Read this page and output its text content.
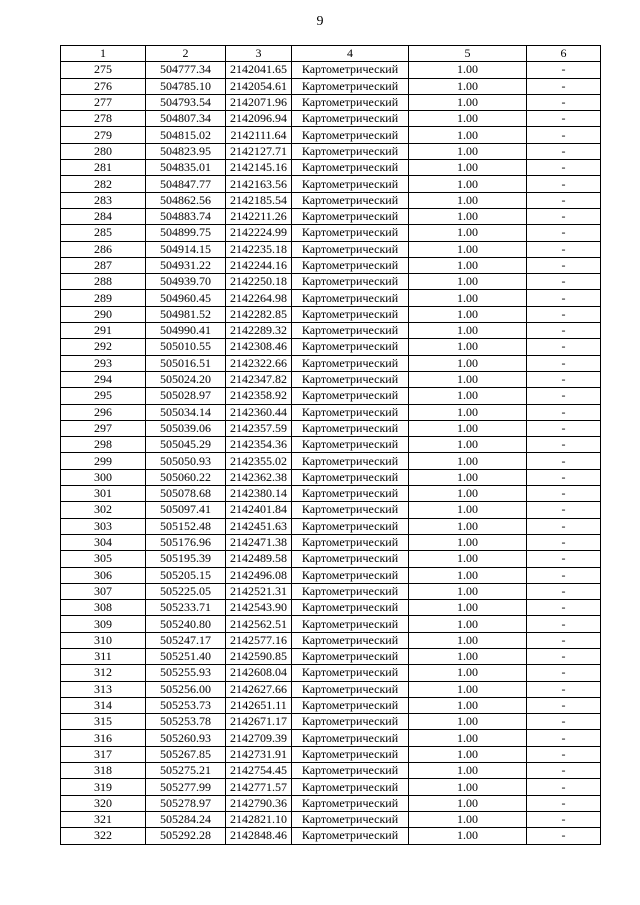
9
1	2	3	4	5	6
275	504777.34	2142041.65	Картометрический	1.00	-
276	504785.10	2142054.61	Картометрический	1.00	-
277	504793.54	2142071.96	Картометрический	1.00	-
278	504807.34	2142096.94	Картометрический	1.00	-
279	504815.02	2142111.64	Картометрический	1.00	-
280	504823.95	2142127.71	Картометрический	1.00	-
281	504835.01	2142145.16	Картометрический	1.00	-
282	504847.77	2142163.56	Картометрический	1.00	-
283	504862.56	2142185.54	Картометрический	1.00	-
284	504883.74	2142211.26	Картометрический	1.00	-
285	504899.75	2142224.99	Картометрический	1.00	-
286	504914.15	2142235.18	Картометрический	1.00	-
287	504931.22	2142244.16	Картометрический	1.00	-
288	504939.70	2142250.18	Картометрический	1.00	-
289	504960.45	2142264.98	Картометрический	1.00	-
290	504981.52	2142282.85	Картометрический	1.00	-
291	504990.41	2142289.32	Картометрический	1.00	-
292	505010.55	2142308.46	Картометрический	1.00	-
293	505016.51	2142322.66	Картометрический	1.00	-
294	505024.20	2142347.82	Картометрический	1.00	-
295	505028.97	2142358.92	Картометрический	1.00	-
296	505034.14	2142360.44	Картометрический	1.00	-
297	505039.06	2142357.59	Картометрический	1.00	-
298	505045.29	2142354.36	Картометрический	1.00	-
299	505050.93	2142355.02	Картометрический	1.00	-
300	505060.22	2142362.38	Картометрический	1.00	-
301	505078.68	2142380.14	Картометрический	1.00	-
302	505097.41	2142401.84	Картометрический	1.00	-
303	505152.48	2142451.63	Картометрический	1.00	-
304	505176.96	2142471.38	Картометрический	1.00	-
305	505195.39	2142489.58	Картометрический	1.00	-
306	505205.15	2142496.08	Картометрический	1.00	-
307	505225.05	2142521.31	Картометрический	1.00	-
308	505233.71	2142543.90	Картометрический	1.00	-
309	505240.80	2142562.51	Картометрический	1.00	-
310	505247.17	2142577.16	Картометрический	1.00	-
311	505251.40	2142590.85	Картометрический	1.00	-
312	505255.93	2142608.04	Картометрический	1.00	-
313	505256.00	2142627.66	Картометрический	1.00	-
314	505253.73	2142651.11	Картометрический	1.00	-
315	505253.78	2142671.17	Картометрический	1.00	-
316	505260.93	2142709.39	Картометрический	1.00	-
317	505267.85	2142731.91	Картометрический	1.00	-
318	505275.21	2142754.45	Картометрический	1.00	-
319	505277.99	2142771.57	Картометрический	1.00	-
320	505278.97	2142790.36	Картометрический	1.00	-
321	505284.24	2142821.10	Картометрический	1.00	-
322	505292.28	2142848.46	Картометрический	1.00	-
